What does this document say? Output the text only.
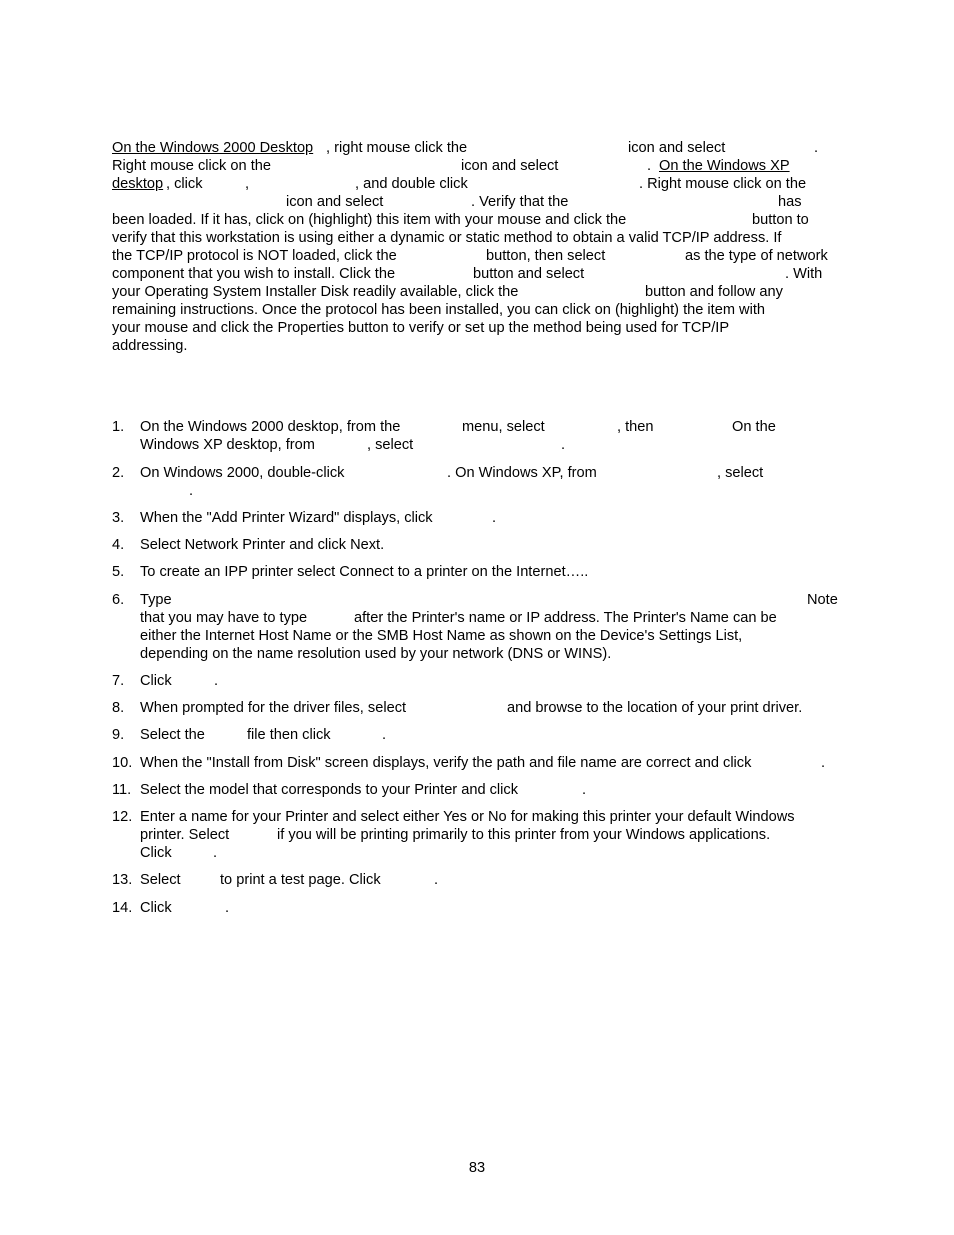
On the Windows 2000 Desktop , right mouse click the	icon and select	.
Right mouse click on the	icon and select	. On the Windows XP
desktop , click	,	, and double click	. Right mouse click on the
icon and select	. Verify that the	has
been loaded. If it has, click on (highlight) this item with your mouse and click the	button to
verify that this workstation is using either a dynamic or static method to obtain a valid TCP/IP address. If
the TCP/IP protocol is NOT loaded, click the	button, then select	as the type of network
component that you wish to install. Click the	button and select	. With
your Operating System Installer Disk readily available, click the	button and follow any
remaining instructions. Once the protocol has been installed, you can click on (highlight) the item with
your mouse and click the Properties button to verify or set up the method being used for TCP/IP
addressing.
1. On the Windows 2000 desktop, from the	menu, select	, then	On the
Windows XP desktop, from	, select	.
2. On Windows 2000, double-click	. On Windows XP, from	, select
.
3. When the "Add Printer Wizard" displays, click	.
4. Select Network Printer and click Next.
5. To create an IPP printer select Connect to a printer on the Internet…..
6. Type	Note
that you may have to type	after the Printer's name or IP address. The Printer's Name can be
either the Internet Host Name or the SMB Host Name as shown on the Device's Settings List,
depending on the name resolution used by your network (DNS or WINS).
7. Click	.
8. When prompted for the driver files, select	and browse to the location of your print driver.
9. Select the	file then click	.
10. When the "Install from Disk" screen displays, verify the path and file name are correct and click	.
11. Select the model that corresponds to your Printer and click	.
12. Enter a name for your Printer and select either Yes or No for making this printer your default Windows
printer. Select	if you will be printing primarily to this printer from your Windows applications.
Click	.
13. Select	to print a test page. Click	.
14. Click	.
83
